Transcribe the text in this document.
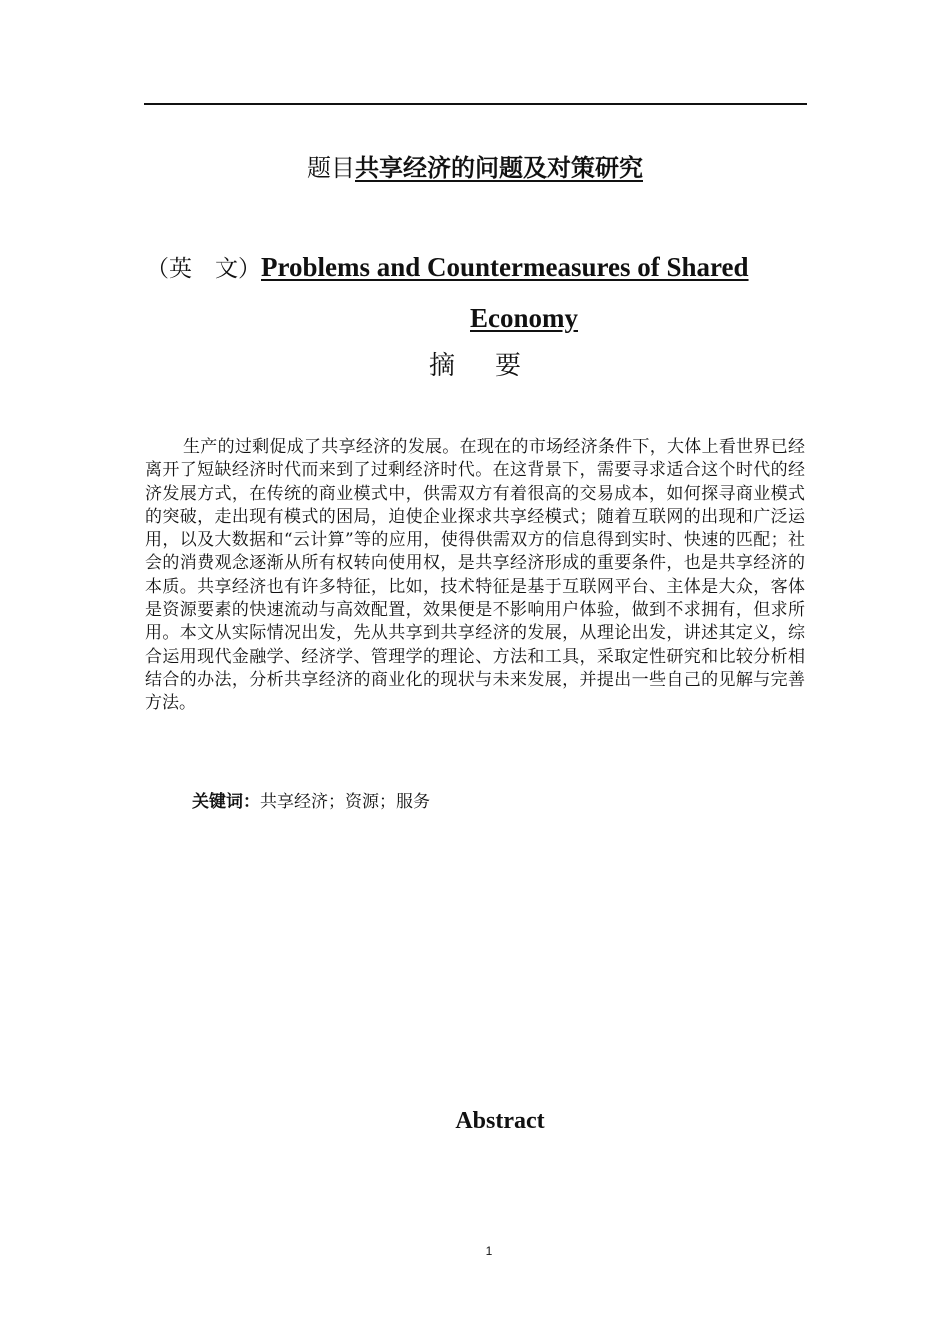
题目共享经济的问题及对策研究
（英　文）Problems and Countermeasures of Shared
Economy
摘要
生产的过剩促成了共享经济的发展。在现在的市场经济条件下，大体上看世界已经离开了短缺经济时代而来到了过剩经济时代。在这背景下，需要寻求适合这个时代的经济发展方式，在传统的商业模式中，供需双方有着很高的交易成本，如何探寻商业模式的突破，走出现有模式的困局，迫使企业探求共享经模式；随着互联网的出现和广泛运用，以及大数据和“云计算”等的应用，使得供需双方的信息得到实时、快速的匹配；社会的消费观念逐渐从所有权转向使用权，是共享经济形成的重要条件，也是共享经济的本质。共享经济也有许多特征，比如，技术特征是基于互联网平台、主体是大众，客体是资源要素的快速流动与高效配置，效果便是不影响用户体验，做到不求拥有，但求所用。本文从实际情况出发，先从共享到共享经济的发展，从理论出发，讲述其定义，综合运用现代金融学、经济学、管理学的理论、方法和工具，采取定性研究和比较分析相结合的办法，分析共享经济的商业化的现状与未来发展，并提出一些自己的见解与完善方法。
关键词：共享经济；资源；服务
Abstract
1
